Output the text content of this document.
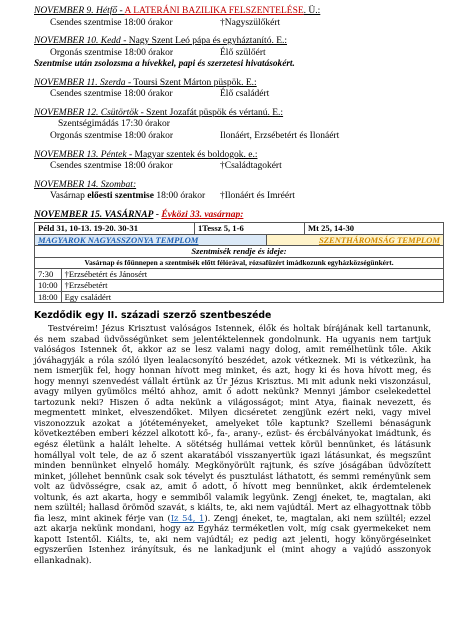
NOVEMBER 9. Hétfő - A LATERÁNI BAZILIKA FELSZENTELÉSE. Ü.:
Csendes szentmise 18:00 órakor	†Nagyszülőkért
NOVEMBER 10. Kedd - Nagy Szent Leó pápa és egyháztanító. E.:
Orgonás szentmise 18:00 órakor	Élő szülőért
Szentmise után zsolozsma a hívekkel, papi és szerzetesi hivatásokért.
NOVEMBER 11. Szerda - Toursi Szent Márton püspök. E.:
Csendes szentmise 18:00 órakor	Élő családért
NOVEMBER 12. Csütörtök - Szent Jozafát püspök és vértanú. E.:
Szentségimádás 17:30 órakor
Orgonás szentmise 18:00 órakor	Ilonáért, Erzsébetért és Ilonáért
NOVEMBER 13. Péntek - Magyar szentek és boldogok. e.:
Csendes szentmise 18:00 órakor	†Családtagokért
NOVEMBER 14. Szombat:
Vasárnap előesti szentmise 18:00 órakor	†Ilonáért és Imréért
NOVEMBER 15. VASÁRNAP - Évközi 33. vasárnap:
Péld 31, 10-13. 19-20. 30-31	1Tessz 5, 1-6	Mt 25, 14-30
MAGYAROK NAGYASSZONYA TEMPLOM	SZENTHÁROMSÁG TEMPLOM
Szentmisék rendje és ideje:
Vasárnap és főünnepen a szentmisék előtt félórával, rózsafüzért imádkozunk egyházközségünkért.
7:30	†Erzsébetért és Jánosért
10:00	†Erzsébetért
18:00	Egy családért
Kezdődik egy II. századi szerző szentbeszéde

Testvéreim! Jézus Krisztust valóságos Istennek, élők és holtak bírájának kell tartanunk, és nem szabad üdvösségünket sem jelentéktelennek gondolnunk. Ha ugyanis nem tartjuk valóságos Istennek őt, akkor az se lesz valami nagy dolog, amit remélhetünk tőle. Akik jóváhagyják a róla szóló ilyen lealacsonyító beszédet, azok vétkeznek. Mi is vétkezünk, ha nem ismerjük fel, hogy honnan hívott meg minket, és azt, hogy ki és hova hívott meg, és hogy mennyi szenvedést vállalt értünk az Úr Jézus Krisztus. Mi mit adunk neki viszonzásul, avagy milyen gyümölcs méltó ahhoz, amit ő adott nekünk? Mennyi jámbor cselekedettel tartozunk neki? Hiszen ő adta nekünk a világosságot; mint Atya, fiainak nevezett, és megmentett minket, elveszendőket. Milyen dicséretet zengjünk ezért neki, vagy mivel viszonozzuk azokat a jótéteményeket, amelyeket tőle kaptunk? Szellemi bénaságunk következtében emberi kézzel alkotott kő-, fa-, arany-, ezüst- és ércbálványokat imádtunk, és egész életünk a halált lehelte. A sötétség hullámai vettek körül bennünket, és látásunk homállyal volt tele, de az ő szent akaratából visszanyertük igazi látásunkat, és megszűnt minden bennünket elnyelő homály. Megkönyörült rajtunk, és szíve jóságában üdvözített minket, jóllehet bennünk csak sok tévelyt és pusztulást láthatott, és semmi reményünk sem volt az üdvösségre, csak az, amit ő adott, ő hívott meg bennünket, akik érdemtelenek voltunk, és azt akarta, hogy e semmiből valamik legyünk. Zengj éneket, te, magtalan, aki nem szültél; hallasd örömöd szavát, s kiálts, te, aki nem vajúdtál. Mert az elhagyottnak több fia lesz, mint akinek férje van (Iz 54, 1). Zengj éneket, te, magtalan, aki nem szültél; ezzel azt akarja nekünk mondani, hogy az Egyház terméketlen volt, míg csak gyermekeket nem kapott Istentől. Kiálts, te, aki nem vajúdtál; ez pedig azt jelenti, hogy könyörgéseinket egyszerűen Istenhez irányítsuk, és ne lankadjunk el (mint ahogy a vajúdó asszonyok ellankadnak).
